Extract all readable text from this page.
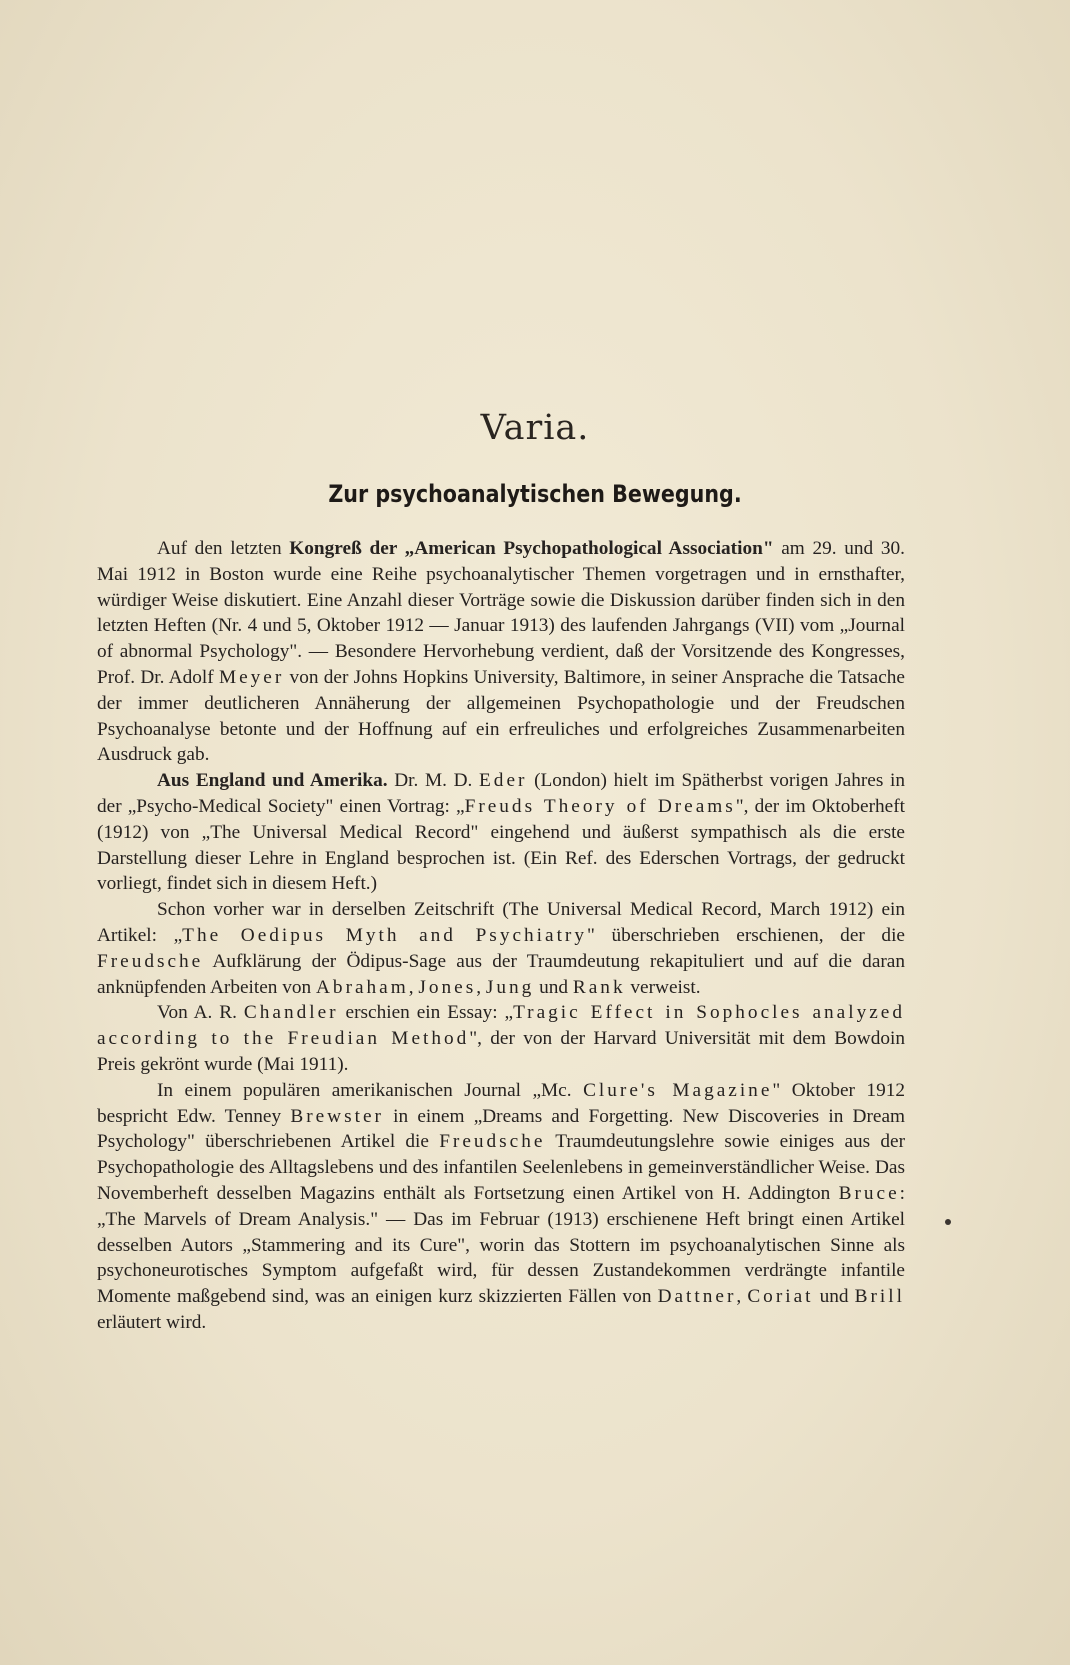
Varia.
Zur psychoanalytischen Bewegung.

Auf den letzten Kongreß der „American Psychopathological Association" am 29. und 30. Mai 1912 in Boston wurde eine Reihe psychoanalytischer Themen vorgetragen und in ernsthafter, würdiger Weise diskutiert. Eine Anzahl dieser Vorträge sowie die Diskussion darüber finden sich in den letzten Heften (Nr. 4 und 5, Oktober 1912 — Januar 1913) des laufenden Jahrgangs (VII) vom „Journal of abnormal Psychology". — Besondere Hervorhebung verdient, daß der Vorsitzende des Kongresses, Prof. Dr. Adolf Meyer von der Johns Hopkins University, Baltimore, in seiner Ansprache die Tatsache der immer deutlicheren Annäherung der allgemeinen Psychopathologie und der Freudschen Psychoanalyse betonte und der Hoffnung auf ein erfreuliches und erfolgreiches Zusammenarbeiten Ausdruck gab.

Aus England und Amerika. Dr. M. D. Eder (London) hielt im Spätherbst vorigen Jahres in der „Psycho-Medical Society" einen Vortrag: „Freuds Theory of Dreams", der im Oktoberheft (1912) von „The Universal Medical Record" eingehend und äußerst sympathisch als die erste Darstellung dieser Lehre in England besprochen ist. (Ein Ref. des Ederschen Vortrags, der gedruckt vorliegt, findet sich in diesem Heft.)

Schon vorher war in derselben Zeitschrift (The Universal Medical Record, March 1912) ein Artikel: „The Oedipus Myth and Psychiatry" überschrieben erschienen, der die Freudsche Aufklärung der Ödipus-Sage aus der Traumdeutung rekapituliert und auf die daran anknüpfenden Arbeiten von Abraham, Jones, Jung und Rank verweist.

Von A. R. Chandler erschien ein Essay: „Tragic Effect in Sophocles analyzed according to the Freudian Method", der von der Harvard Universität mit dem Bowdoin Preis gekrönt wurde (Mai 1911).

In einem populären amerikanischen Journal „Mc. Clure's Magazine" Oktober 1912 bespricht Edw. Tenney Brewster in einem „Dreams and Forgetting. New Discoveries in Dream Psychology" überschriebenen Artikel die Freudsche Traumdeutungslehre sowie einiges aus der Psychopathologie des Alltagslebens und des infantilen Seelenlebens in gemeinverständlicher Weise. Das Novemberheft desselben Magazins enthält als Fortsetzung einen Artikel von H. Addington Bruce: „The Marvels of Dream Analysis." — Das im Februar (1913) erschienene Heft bringt einen Artikel desselben Autors „Stammering and its Cure", worin das Stottern im psychoanalytischen Sinne als psychoneurotisches Symptom aufgefaßt wird, für dessen Zustandekommen verdrängte infantile Momente maßgebend sind, was an einigen kurz skizzierten Fällen von Dattner, Coriat und Brill erläutert wird.
